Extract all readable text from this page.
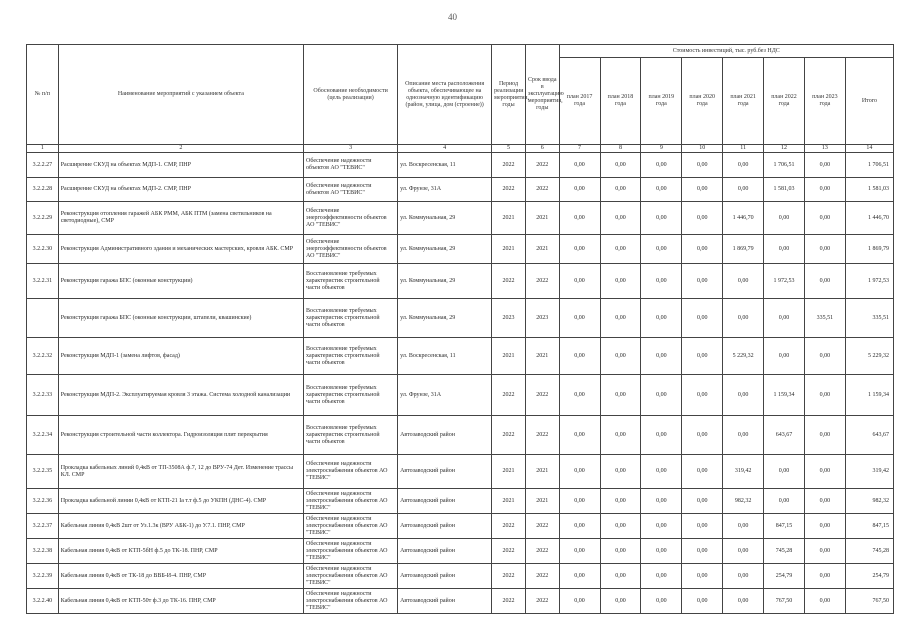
40
№ п/п	Наименование мероприятий с указанием объекта	Обоснование необходимости (цель реализации)	Описание места расположения объекта, обеспечивающее на однозначную идентификацию (район, улица, дом (строение))	Период реализации мероприятия, годы	Срок ввода в эксплуатацию мероприятия, годы	Стоимость инвестиций, тыс. руб.без НДС							
						план 2017 года	план 2018 года	план 2019 года	план 2020 года	план 2021 года	план 2022 года	план 2023 года	Итого
1	2	3	4	5	6	7	8	9	10	11	12	13	14
3.2.2.27	Расширение СКУД на объектах МДП-1. СМР, ПНР	Обеспечение надежности объектов АО "ТЕВИС"	ул. Воскресенская, 11	2022	2022	0,00	0,00	0,00	0,00	0,00	1 706,51	0,00	1 706,51
3.2.2.28	Расширение СКУД на объектах МДП-2. СМР, ПНР	Обеспечение надежности объектов АО "ТЕВИС"	ул. Фрунзе, 31А	2022	2022	0,00	0,00	0,00	0,00	0,00	1 581,03	0,00	1 581,03
3.2.2.29	Реконструкция отопления гаражей АБК РММ, АБК ПТМ (замена светильников на светодиодные), СМР	Обеспечение энергоэффективности объектов АО "ТЕВИС"	ул. Коммунальная, 29	2021	2021	0,00	0,00	0,00	0,00	1 446,70	0,00	0,00	1 446,70
3.2.2.30	Реконструкция Административного здания и механических мастерских, кровля АБК. СМР	Обеспечение энергоэффективности объектов АО "ТЕВИС"	ул. Коммунальная, 29	2021	2021	0,00	0,00	0,00	0,00	1 869,79	0,00	0,00	1 869,79
3.2.2.31	Реконструкция гаража БПС (оконные конструкции)	Восстановление требуемых характеристик строительной части объектов	ул. Коммунальная, 29	2022	2022	0,00	0,00	0,00	0,00	0,00	1 972,53	0,00	1 972,53
	Реконструкция гаража БПС (оконные конструкции, штапели, квашинские)	Восстановление требуемых характеристик строительной части объектов	ул. Коммунальная, 29	2023	2023	0,00	0,00	0,00	0,00	0,00	0,00	335,51	335,51
3.2.2.32	Реконструкция МДП-1 (замена лифтов, фасад)	Восстановление требуемых характеристик строительной части объектов	ул. Воскресенская, 11	2021	2021	0,00	0,00	0,00	0,00	5 229,32	0,00	0,00	5 229,32
3.2.2.33	Реконструкция МДП-2. Эксплуатируемая кровля 3 этажа. Система холодной канализации	Восстановление требуемых характеристик строительной части объектов	ул. Фрунзе, 31А	2022	2022	0,00	0,00	0,00	0,00	0,00	1 159,34	0,00	1 159,34
3.2.2.34	Реконструкция строительной части коллектора. Гидроизоляция плит перекрытия	Восстановление требуемых характеристик строительной части объектов	Автозаводский район	2022	2022	0,00	0,00	0,00	0,00	0,00	643,67	0,00	643,67
3.2.2.35	Прокладка кабельных линий 0,4кВ от ТП-3508А ф.7, 12 до ВРУ-74 Дет. Изменение трассы КЛ. СМР	Обеспечение надежности электроснабжения объектов АО "ТЕВИС"	Автозаводский район	2021	2021	0,00	0,00	0,00	0,00	319,42	0,00	0,00	319,42
3.2.2.36	Прокладка кабельной линии 0,4кВ от КТП-21 Iа т.т ф.5 до УКПН (ДНС-4). СМР	Обеспечение надежности электроснабжения объектов АО "ТЕВИС"	Автозаводский район	2021	2021	0,00	0,00	0,00	0,00	982,32	0,00	0,00	982,32
3.2.2.37	Кабельная линия 0,4кВ 2шт от Уз.1.3к (ВРУ АБК-1) до У.7.1. ПНР, СМР	Обеспечение надежности электроснабжения объектов АО "ТЕВИС"	Автозаводский район	2022	2022	0,00	0,00	0,00	0,00	0,00	847,15	0,00	847,15
3.2.2.38	Кабельная линия 0,4кВ от КТП-5бН ф.5 до ТК-18. ПНР, СМР	Обеспечение надежности электроснабжения объектов АО "ТЕВИС"	Автозаводский район	2022	2022	0,00	0,00	0,00	0,00	0,00	745,28	0,00	745,28
3.2.2.39	Кабельная линия 0,4кВ от ТК-18 до ВВБ-И-4. ПНР, СМР	Обеспечение надежности электроснабжения объектов АО "ТЕВИС"	Автозаводский район	2022	2022	0,00	0,00	0,00	0,00	0,00	254,79	0,00	254,79
3.2.2.40	Кабельная линия 0,4кВ от КТП-50т ф.3 до ТК-16. ПНР, СМР	Обеспечение надежности электроснабжения объектов АО "ТЕВИС"	Автозаводский район	2022	2022	0,00	0,00	0,00	0,00	0,00	767,50	0,00	767,50
